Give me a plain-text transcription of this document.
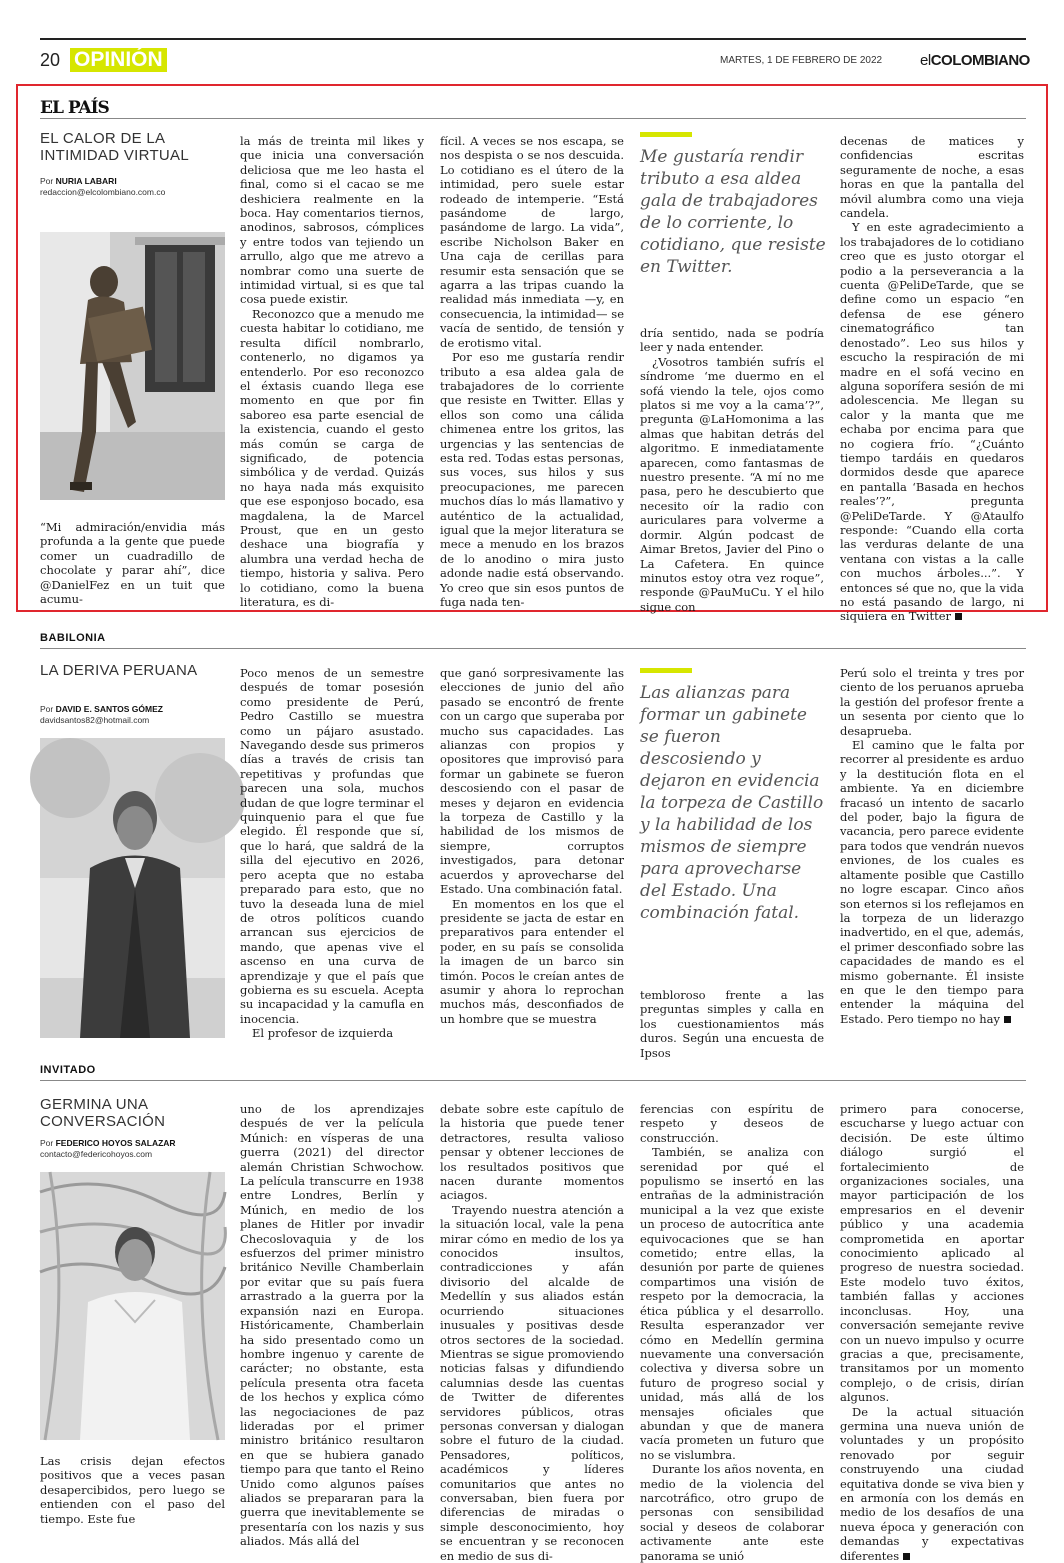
20 OPINIÓN	MARTES, 1 DE FEBRERO DE 2022	elCOLOMBIANO
EL PAÍS
EL CALOR DE LA INTIMIDAD VIRTUAL
Por NURIA LABARI
redaccion@elcolombiano.com.co

“Mi admiración/envidia más profunda a la gente que puede comer un cuadradillo de chocolate y parar ahí”, dice @DanielFez en un tuit que acumu-

la más de treinta mil likes y que inicia una conversación deliciosa que me leo hasta el final, como si el cacao se me deshiciera realmente en la boca. Hay comentarios tiernos, anodinos, sabrosos, cómplices y entre todos van tejiendo un arrullo, algo que me atrevo a nombrar como una suerte de intimidad virtual, si es que tal cosa puede existir.

Reconozco que a menudo me cuesta habitar lo cotidiano, me resulta difícil nombrarlo, contenerlo, no digamos ya entenderlo. Por eso reconozco el éxtasis cuando llega ese momento en que por fin saboreo esa parte esencial de la existencia, cuando el gesto más común se carga de significado, de potencia simbólica y de verdad. Quizás no haya nada más exquisito que ese esponjoso bocado, esa magdalena, la de Marcel Proust, que en un gesto deshace una biografía y alumbra una verdad hecha de tiempo, historia y saliva. Pero lo cotidiano, como la buena literatura, es di-

fícil. A veces se nos escapa, se nos despista o se nos descuida. Lo cotidiano es el útero de la intimidad, pero suele estar rodeado de intemperie. “Está pasándome de largo, pasándome de largo. La vida”, escribe Nicholson Baker en Una caja de cerillas para resumir esta sensación que se agarra a las tripas cuando la realidad más inmediata —y, en consecuencia, la intimidad— se vacía de sentido, de tensión y de erotismo vital.

Por eso me gustaría rendir tributo a esa aldea gala de trabajadores de lo corriente que resiste en Twitter. Ellas y ellos son como una cálida chimenea entre los gritos, las urgencias y las sentencias de esta red. Todas estas personas, sus voces, sus hilos y sus preocupaciones, me parecen muchos días lo más llamativo y auténtico de la actualidad, igual que la mejor literatura se mece a menudo en los brazos de lo anodino o mira justo adonde nadie está observando. Yo creo que sin esos puntos de fuga nada ten-

Me gustaría rendir tributo a esa aldea gala de trabajadores de lo corriente, lo cotidiano, que resiste en Twitter.

dría sentido, nada se podría leer y nada entender.

¿Vosotros también sufrís el síndrome ‘me duermo en el sofá viendo la tele, ojos como platos si me voy a la cama’?”, pregunta @LaHomonima a las almas que habitan detrás del algoritmo. E inmediatamente aparecen, como fantasmas de nuestro presente. “A mí no me pasa, pero he descubierto que necesito oír la radio con auriculares para volverme a dormir. Algún podcast de Aimar Bretos, Javier del Pino o La Cafetera. En quince minutos estoy otra vez roque”, responde @PauMuCu. Y el hilo sigue con

decenas de matices y confidencias escritas seguramente de noche, a esas horas en que la pantalla del móvil alumbra como una vieja candela.

Y en este agradecimiento a los trabajadores de lo cotidiano creo que es justo otorgar el podio a la perseverancia a la cuenta @PeliDeTarde, que se define como un espacio “en defensa de ese género cinematográfico tan denostado”. Leo sus hilos y escucho la respiración de mi madre en el sofá vecino en alguna soporífera sesión de mi adolescencia. Me llegan su calor y la manta que me echaba por encima para que no cogiera frío. “¿Cuánto tiempo tardáis en quedaros dormidos desde que aparece en pantalla ‘Basada en hechos reales’?”, pregunta @PeliDeTarde. Y @Ataulfo responde: “Cuando ella corta las verduras delante de una ventana con vistas a la calle con muchos árboles...”. Y entonces sé que no, que la vida no está pasando de largo, ni siquiera en Twitter

BABILONIA
LA DERIVA PERUANA
Por DAVID E. SANTOS GÓMEZ
davidsantos82@hotmail.com

Poco menos de un semestre después de tomar posesión como presidente de Perú, Pedro Castillo se muestra como un pájaro asustado. Navegando desde sus primeros días a través de crisis tan repetitivas y profundas que parecen una sola, muchos dudan de que logre terminar el quinquenio para el que fue elegido. Él responde que sí, que lo hará, que saldrá de la silla del ejecutivo en 2026, pero acepta que no estaba preparado para esto, que no tuvo la deseada luna de miel de otros políticos cuando arrancan sus ejercicios de mando, que apenas vive el ascenso en una curva de aprendizaje y que el país que gobierna es su escuela. Acepta su incapacidad y la camufla en inocencia.

El profesor de izquierda

que ganó sorpresivamente las elecciones de junio del año pasado se encontró de frente con un cargo que superaba por mucho sus capacidades. Las alianzas con propios y opositores que improvisó para formar un gabinete se fueron descosiendo con el pasar de meses y dejaron en evidencia la torpeza de Castillo y la habilidad de los mismos de siempre, corruptos investigados, para detonar acuerdos y aprovecharse del Estado. Una combinación fatal.

En momentos en los que el presidente se jacta de estar en preparativos para entender el poder, en su país se consolida la imagen de un barco sin timón. Pocos le creían antes de asumir y ahora lo reprochan muchos más, desconfiados de un hombre que se muestra

Las alianzas para formar un gabinete se fueron descosiendo y dejaron en evidencia la torpeza de Castillo y la habilidad de los mismos de siempre para aprovecharse del Estado. Una combinación fatal.

tembloroso frente a las preguntas simples y calla en los cuestionamientos más duros. Según una encuesta de Ipsos

Perú solo el treinta y tres por ciento de los peruanos aprueba la gestión del profesor frente a un sesenta por ciento que lo desaprueba.

El camino que le falta por recorrer al presidente es arduo y la destitución flota en el ambiente. Ya en diciembre fracasó un intento de sacarlo del poder, bajo la figura de vacancia, pero parece evidente para todos que vendrán nuevos enviones, de los cuales es altamente posible que Castillo no logre escapar. Cinco años son eternos si los reflejamos en la torpeza de un liderazgo inadvertido, en el que, además, el primer desconfiado sobre las capacidades de mando es el mismo gobernante. Él insiste en que le den tiempo para entender la máquina del Estado. Pero tiempo no hay

INVITADO
GERMINA UNA CONVERSACIÓN
Por FEDERICO HOYOS SALAZAR
contacto@federicohoyos.com

Las crisis dejan efectos positivos que a veces pasan desapercibidos, pero luego se entienden con el paso del tiempo. Este fue

uno de los aprendizajes después de ver la película Múnich: en vísperas de una guerra (2021) del director alemán Christian Schwochow. La película transcurre en 1938 entre Londres, Berlín y Múnich, en medio de los planes de Hitler por invadir Checoslovaquia y de los esfuerzos del primer ministro británico Neville Chamberlain por evitar que su país fuera arrastrado a la guerra por la expansión nazi en Europa. Históricamente, Chamberlain ha sido presentado como un hombre ingenuo y carente de carácter; no obstante, esta película presenta otra faceta de los hechos y explica cómo las negociaciones de paz lideradas por el primer ministro británico resultaron en que se hubiera ganado tiempo para que tanto el Reino Unido como algunos países aliados se prepararan para la guerra que inevitablemente se presentaría con los nazis y sus aliados. Más allá del

debate sobre este capítulo de la historia que puede tener detractores, resulta valioso pensar y obtener lecciones de los resultados positivos que nacen durante momentos aciagos.

Trayendo nuestra atención a la situación local, vale la pena mirar cómo en medio de los ya conocidos insultos, contradicciones y afán divisorio del alcalde de Medellín y sus aliados están ocurriendo situaciones inusuales y positivas desde otros sectores de la sociedad. Mientras se sigue promoviendo noticias falsas y difundiendo calumnias desde las cuentas de Twitter de diferentes servidores públicos, otras personas conversan y dialogan sobre el futuro de la ciudad. Pensadores, políticos, académicos y líderes comunitarios que antes no conversaban, bien fuera por diferencias de miradas o simple desconocimiento, hoy se encuentran y se reconocen en medio de sus di-

ferencias con espíritu de respeto y deseos de construcción.

También, se analiza con serenidad por qué el populismo se insertó en las entrañas de la administración municipal a la vez que existe un proceso de autocrítica ante equivocaciones que se han cometido; entre ellas, la desunión por parte de quienes compartimos una visión de respeto por la democracia, la ética pública y el desarrollo. Resulta esperanzador ver cómo en Medellín germina nuevamente una conversación colectiva y diversa sobre un futuro de progreso social y unidad, más allá de los mensajes oficiales que abundan y que de manera vacía prometen un futuro que no se vislumbra.

Durante los años noventa, en medio de la violencia del narcotráfico, otro grupo de personas con sensibilidad social y deseos de colaborar activamente ante este panorama se unió

primero para conocerse, escucharse y luego actuar con decisión. De este último diálogo surgió el fortalecimiento de organizaciones sociales, una mayor participación de los empresarios en el devenir público y una academia comprometida en aportar conocimiento aplicado al progreso de nuestra sociedad. Este modelo tuvo éxitos, también fallas y acciones inconclusas. Hoy, una conversación semejante revive con un nuevo impulso y ocurre gracias a que, precisamente, transitamos por un momento complejo, o de crisis, dirían algunos.

De la actual situación germina una nueva unión de voluntades y un propósito renovado por seguir construyendo una ciudad equitativa donde se viva bien y en armonía con los demás en medio de los desafíos de una nueva época y generación con demandas y expectativas diferentes
